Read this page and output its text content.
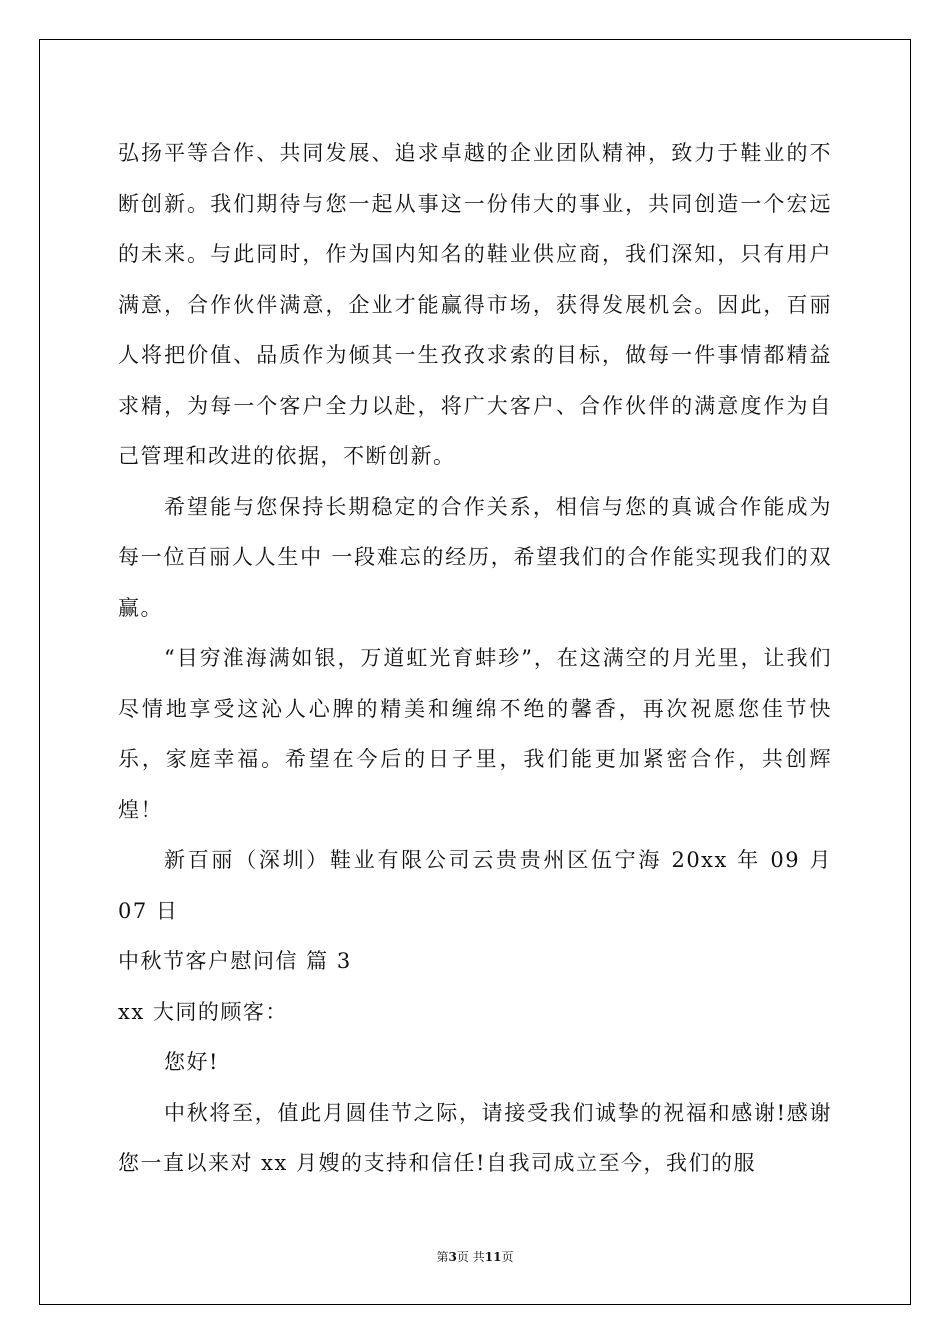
弘扬平等合作、共同发展、追求卓越的企业团队精神，致力于鞋业的不断创新。我们期待与您一起从事这一份伟大的事业，共同创造一个宏远的未来。与此同时，作为国内知名的鞋业供应商，我们深知，只有用户满意，合作伙伴满意，企业才能赢得市场，获得发展机会。因此，百丽人将把价值、品质作为倾其一生孜孜求索的目标，做每一件事情都精益求精，为每一个客户全力以赴，将广大客户、合作伙伴的满意度作为自己管理和改进的依据，不断创新。

希望能与您保持长期稳定的合作关系，相信与您的真诚合作能成为每一位百丽人人生中 一段难忘的经历，希望我们的合作能实现我们的双赢。

“目穷淮海满如银，万道虹光育蚌珍”，在这满空的月光里，让我们尽情地享受这沁人心脾的精美和缠绵不绝的馨香，再次祝愿您佳节快乐，家庭幸福。希望在今后的日子里，我们能更加紧密合作，共创辉煌！

新百丽（深圳）鞋业有限公司云贵贵州区伍宁海 20xx 年 09 月 07 日

中秋节客户慰问信 篇 3

xx 大同的顾客：

您好!

中秋将至，值此月圆佳节之际，请接受我们诚挚的祝福和感谢!感谢您一直以来对 xx 月嫂的支持和信任!自我司成立至今，我们的服

第3页 共11页
